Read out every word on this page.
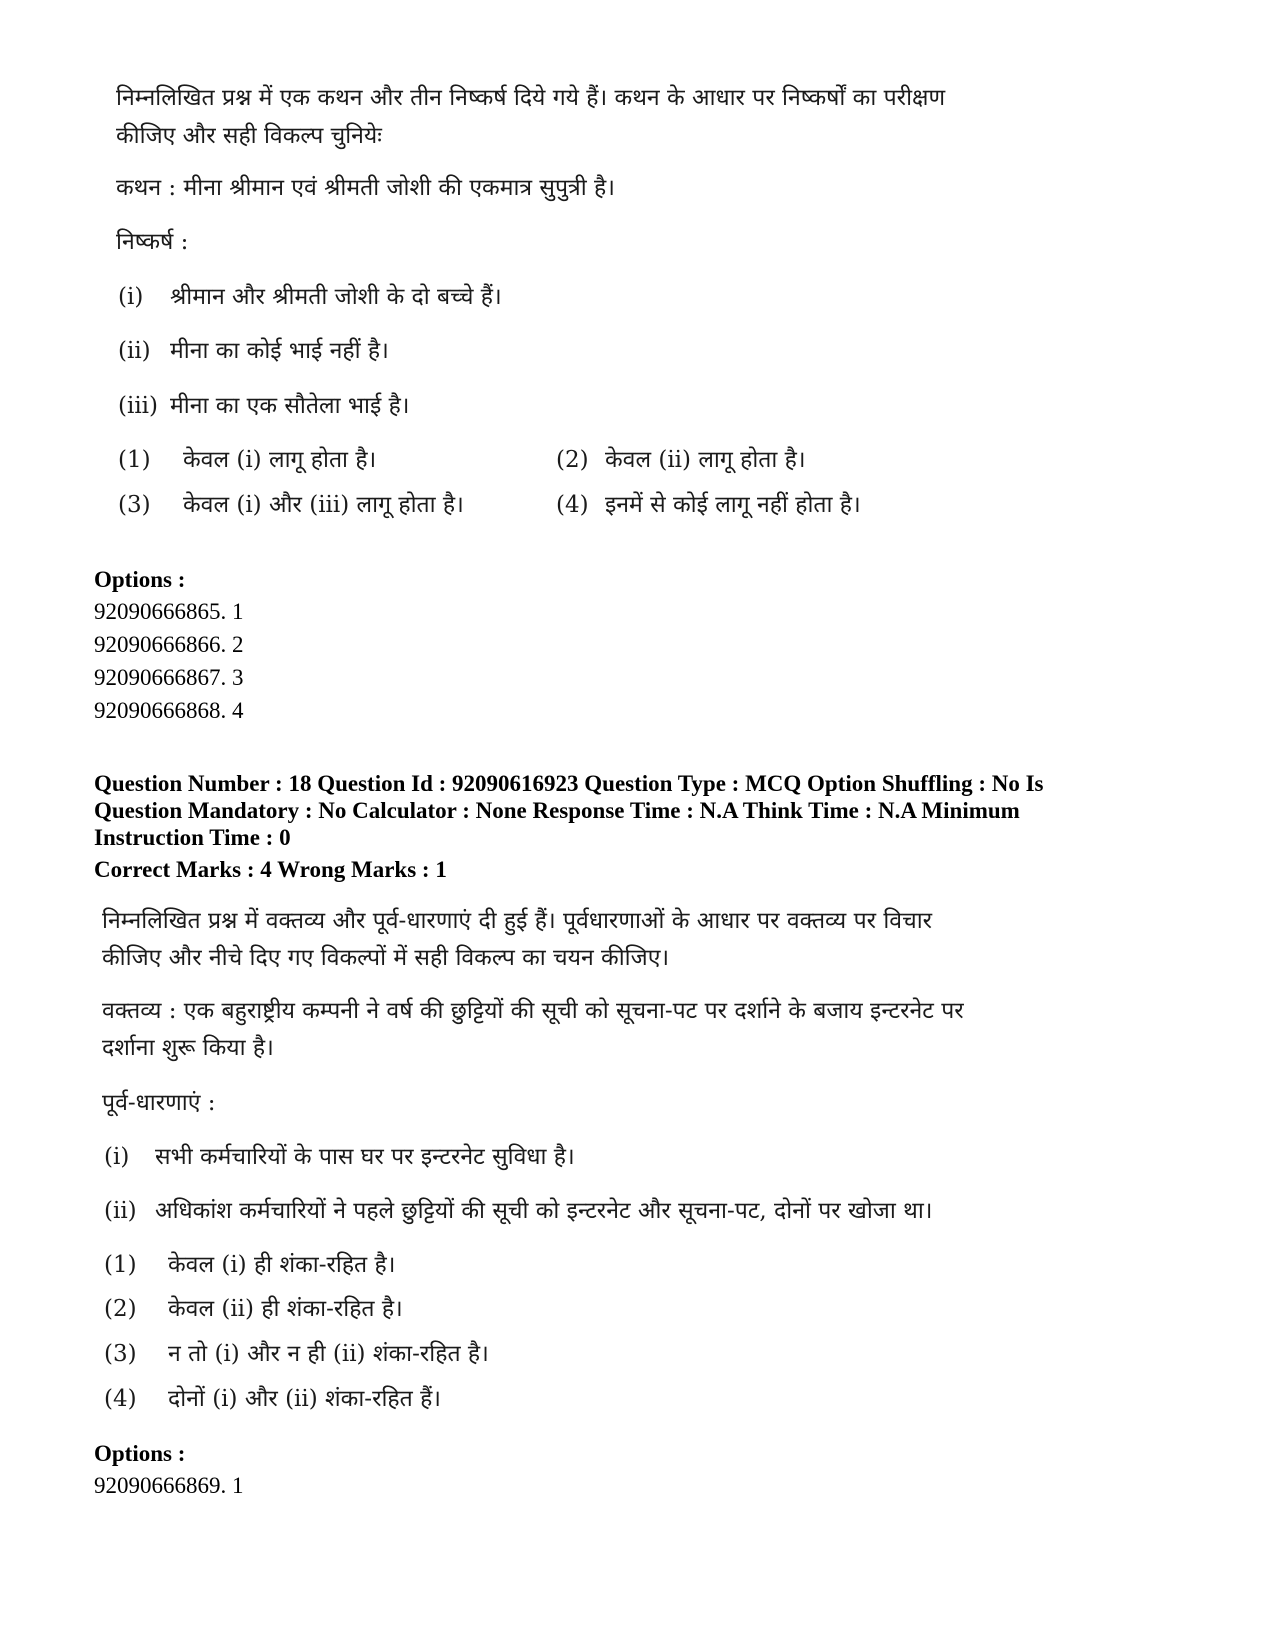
निम्नलिखित प्रश्न में एक कथन और तीन निष्कर्ष दिये गये हैं। कथन के आधार पर निष्कर्षों का परीक्षण
कीजिए और सही विकल्प चुनियेः
कथन : मीना श्रीमान एवं श्रीमती जोशी की एकमात्र सुपुत्री है।
निष्कर्ष :
(i) श्रीमान और श्रीमती जोशी के दो बच्चे हैं।
(ii) मीना का कोई भाई नहीं है।
(iii) मीना का एक सौतेला भाई है।
(1) केवल (i) लागू होता है।	(2) केवल (ii) लागू होता है।
(3) केवल (i) और (iii) लागू होता है।	(4) इनमें से कोई लागू नहीं होता है।
Options :
92090666865. 1
92090666866. 2
92090666867. 3
92090666868. 4
Question Number : 18 Question Id : 92090616923 Question Type : MCQ Option Shuffling : No Is
Question Mandatory : No Calculator : None Response Time : N.A Think Time : N.A Minimum
Instruction Time : 0
Correct Marks : 4 Wrong Marks : 1
निम्नलिखित प्रश्न में वक्तव्य और पूर्व-धारणाएं दी हुई हैं। पूर्वधारणाओं के आधार पर वक्तव्य पर विचार
कीजिए और नीचे दिए गए विकल्पों में सही विकल्प का चयन कीजिए।
वक्तव्य : एक बहुराष्ट्रीय कम्पनी ने वर्ष की छुट्टियों की सूची को सूचना-पट पर दर्शाने के बजाय इन्टरनेट पर
दर्शाना शुरू किया है।
पूर्व-धारणाएं :
(i) सभी कर्मचारियों के पास घर पर इन्टरनेट सुविधा है।
(ii) अधिकांश कर्मचारियों ने पहले छुट्टियों की सूची को इन्टरनेट और सूचना-पट, दोनों पर खोजा था।
(1) केवल (i) ही शंका-रहित है।
(2) केवल (ii) ही शंका-रहित है।
(3) न तो (i) और न ही (ii) शंका-रहित है।
(4) दोनों (i) और (ii) शंका-रहित हैं।
Options :
92090666869. 1
